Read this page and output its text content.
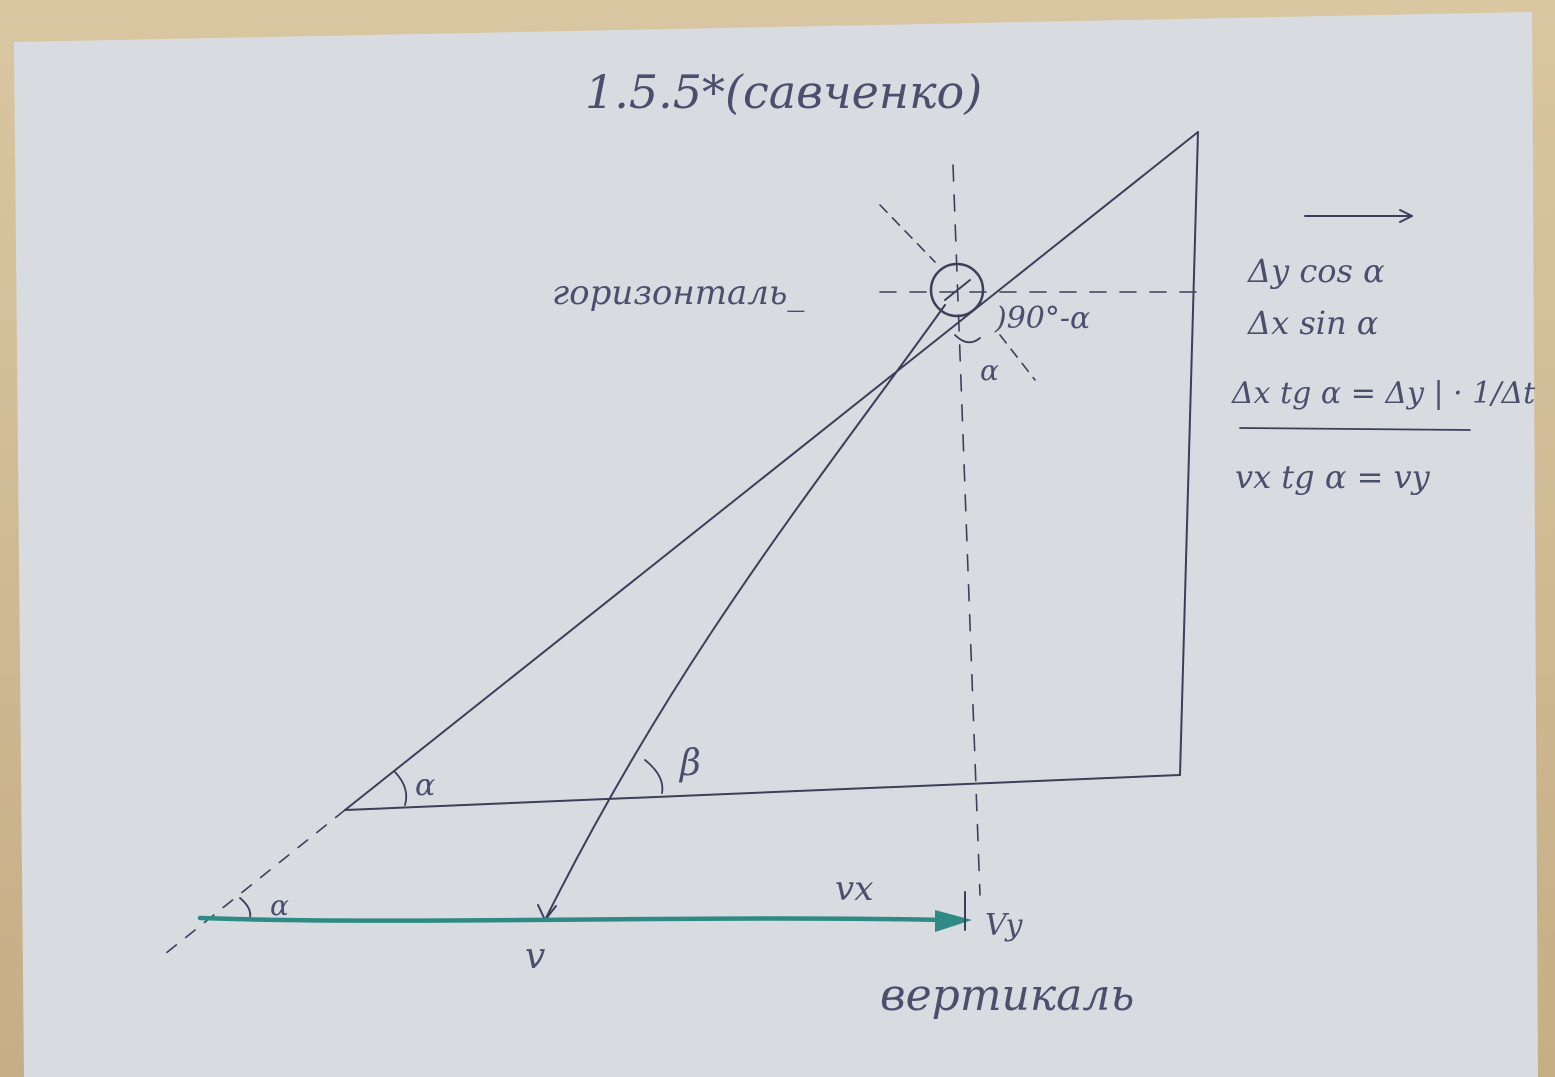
1.5.5*(савченко)
горизонталь_
)90°-α
α
α
β
α
v
vx
Vy
вертикаль
Δy cos α
Δx sin α
Δx tg α = Δy | · 1/Δt
vx tg α = vy
